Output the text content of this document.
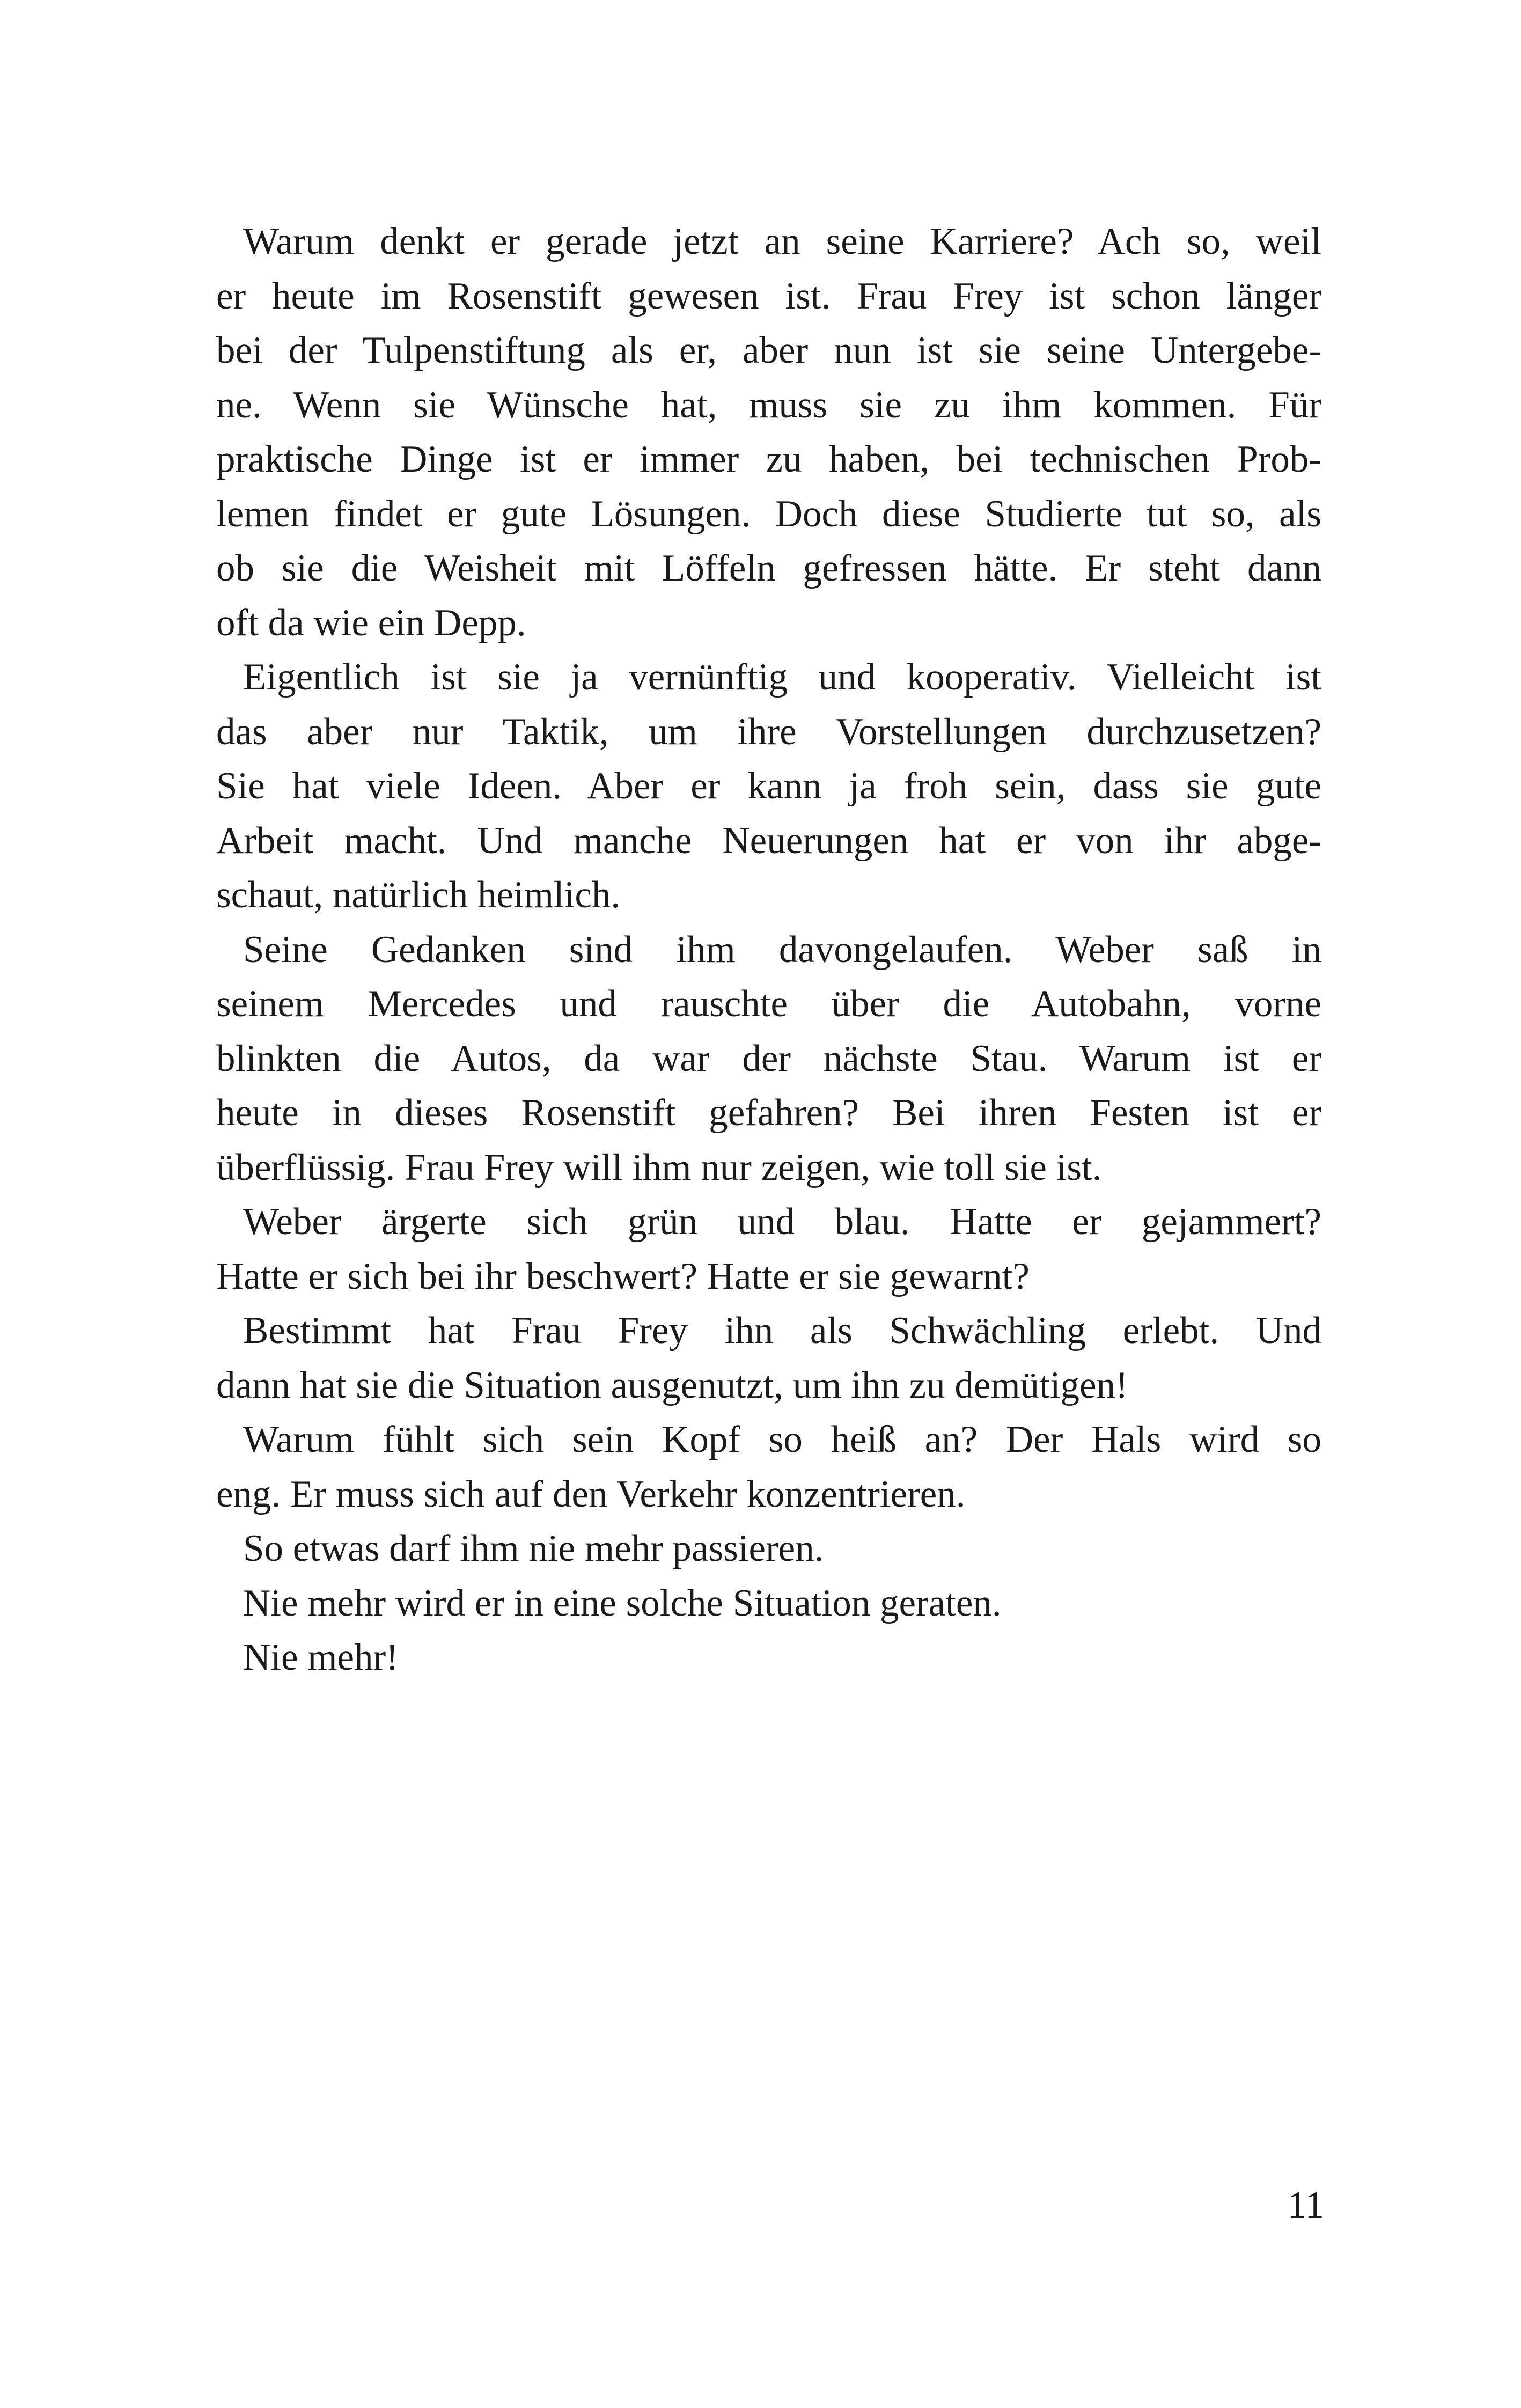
Warum denkt er gerade jetzt an seine Karriere? Ach so, weil
er heute im Rosenstift gewesen ist. Frau Frey ist schon länger
bei der Tulpenstiftung als er, aber nun ist sie seine Untergebe-
ne. Wenn sie Wünsche hat, muss sie zu ihm kommen. Für
praktische Dinge ist er immer zu haben, bei technischen Prob-
lemen findet er gute Lösungen. Doch diese Studierte tut so, als
ob sie die Weisheit mit Löffeln gefressen hätte. Er steht dann
oft da wie ein Depp.

Eigentlich ist sie ja vernünftig und kooperativ. Vielleicht ist
das aber nur Taktik, um ihre Vorstellungen durchzusetzen?
Sie hat viele Ideen. Aber er kann ja froh sein, dass sie gute
Arbeit macht. Und manche Neuerungen hat er von ihr abge-
schaut, natürlich heimlich.

Seine Gedanken sind ihm davongelaufen. Weber saß in
seinem Mercedes und rauschte über die Autobahn, vorne
blinkten die Autos, da war der nächste Stau. Warum ist er
heute in dieses Rosenstift gefahren? Bei ihren Festen ist er
überflüssig. Frau Frey will ihm nur zeigen, wie toll sie ist.

Weber ärgerte sich grün und blau. Hatte er gejammert?
Hatte er sich bei ihr beschwert? Hatte er sie gewarnt?

Bestimmt hat Frau Frey ihn als Schwächling erlebt. Und
dann hat sie die Situation ausgenutzt, um ihn zu demütigen!

Warum fühlt sich sein Kopf so heiß an? Der Hals wird so
eng. Er muss sich auf den Verkehr konzentrieren.

So etwas darf ihm nie mehr passieren.

Nie mehr wird er in eine solche Situation geraten.

Nie mehr!

11
